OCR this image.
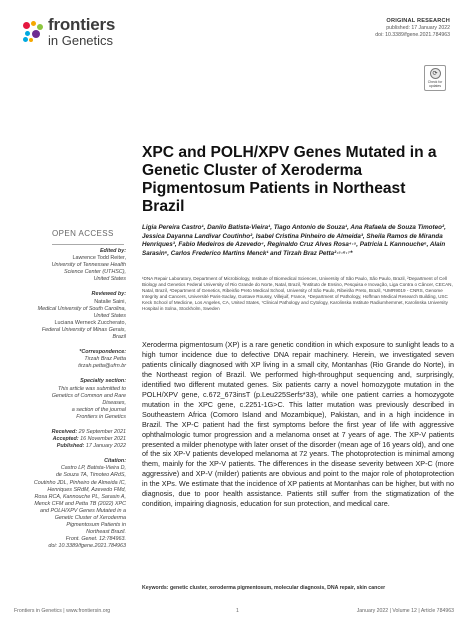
frontiers
in Genetics
ORIGINAL RESEARCH
published: 17 January 2022
doi: 10.3389/fgene.2021.784963
⟳
Check for updates
XPC and POLH/XPV Genes Mutated in a Genetic Cluster of Xeroderma Pigmentosum Patients in Northeast Brazil
OPEN ACCESS
Edited by:
Lawrence Todd Reiter,
University of Tennessee Health
Science Center (UTHSC),
United States
Reviewed by:
Natalie Saini,
Medical University of South Carolina,
United States
Luciana Werneck Zuccherato,
Federal University of Minas Gerais,
Brazil
*Correspondence:
Tirzah Braz Petta
tirzah.petta@ufrn.br
Specialty section:
This article was submitted to
Genetics of Common and Rare
Diseases,
a section of the journal
Frontiers in Genetics
Received: 29 September 2021
Accepted: 16 November 2021
Published: 17 January 2022
Citation:
Castro LP, Batista-Vieira D,
de Souza TA, Timoteo ARdS,
Coutinho JDL, Pinheiro de Almeida IC,
Henriques SRdM, Azevedo FMd,
Rosa RCA, Kannouche PL, Sarasin A,
Menck CFM and Petta TB (2022) XPC
and POLH/XPV Genes Mutated in a
Genetic Cluster of Xeroderma
Pigmentosum Patients in
Northeast Brazil.
Front. Genet. 12:784963.
doi: 10.3389/fgene.2021.784963

Ligia Pereira Castro¹, Danilo Batista-Vieira¹, Tiago Antonio de Souza¹, Ana Rafaela de Souza Timoteo², Jessica Dayanna Landivar Coutinho², Isabel Cristina Pinheiro de Almeida³, Sheila Ramos de Miranda Henriques³, Fabio Medeiros de Azevedo⁴, Reginaldo Cruz Alves Rosa⁴·⁵, Patricia L Kannouche⁶, Alain Sarasin⁶, Carlos Frederico Martins Menck¹ and Tirzah Braz Petta²·⁵·⁶·⁷*

¹DNA Repair Laboratory, Department of Microbiology, Institute of Biomedical Sciences, University of São Paulo, São Paulo, Brazil, ²Department of Cell Biology and Genetics Federal University of Rio Grande do Norte, Natal, Brazil, ³Instituto de Ensino, Pesquisa e Inovação, Liga Contra o Câncer, CECAN, Natal, Brazil, ⁴Department of Genetics, Ribeirão Preto Medical School, University of São Paulo, Ribeirão Preto, Brazil, ⁵UMR9019 - CNRS, Genome Integrity and Cancers, Université Paris-Saclay, Gustave Roussy, Villejuif, France, ⁶Department of Pathology, Hoffman Medical Research Building, USC Keck School of Medicine, Los Angeles, CA, United States, ⁷Clinical Pathology and Cytology, Karolinska Institute Radiumhemmet, Karolinska University Hospital in Solna, Stockholm, Sweden

Xeroderma pigmentosum (XP) is a rare genetic condition in which exposure to sunlight leads to a high tumor incidence due to defective DNA repair machinery. Herein, we investigated seven patients clinically diagnosed with XP living in a small city, Montanhas (Rio Grande do Norte), in the Northeast region of Brazil. We performed high-throughput sequencing and, surprisingly, identified two different mutated genes. Six patients carry a novel homozygote mutation in the POLH/XPV gene, c.672_673insT (p.Leu225Serfs*33), while one patient carries a homozygote mutation in the XPC gene, c.2251-1G>C. This latter mutation was previously described in Southeastern Africa (Comoro Island and Mozambique), Pakistan, and in a high incidence in Brazil. The XP-C patient had the first symptoms before the first year of life with aggressive ophthalmologic tumor progression and a melanoma onset at 7 years of age. The XP-V patients presented a milder phenotype with later onset of the disorder (mean age of 16 years old), and one of the six XP-V patients developed melanoma at 72 years. The photoprotection is minimal among them, mainly for the XP-V patients. The differences in the disease severity between XP-C (more aggressive) and XP-V (milder) patients are obvious and point to the major role of photoprotection in the XPs. We estimate that the incidence of XP patients at Montanhas can be higher, but with no diagnosis, due to poor health assistance. Patients still suffer from the stigmatization of the condition, impairing diagnosis, education for sun protection, and medical care.

Keywords: genetic cluster, xeroderma pigmentosum, molecular diagnosis, DNA repair, skin cancer

Frontiers in Genetics | www.frontiersin.org	1	January 2022 | Volume 12 | Article 784963
